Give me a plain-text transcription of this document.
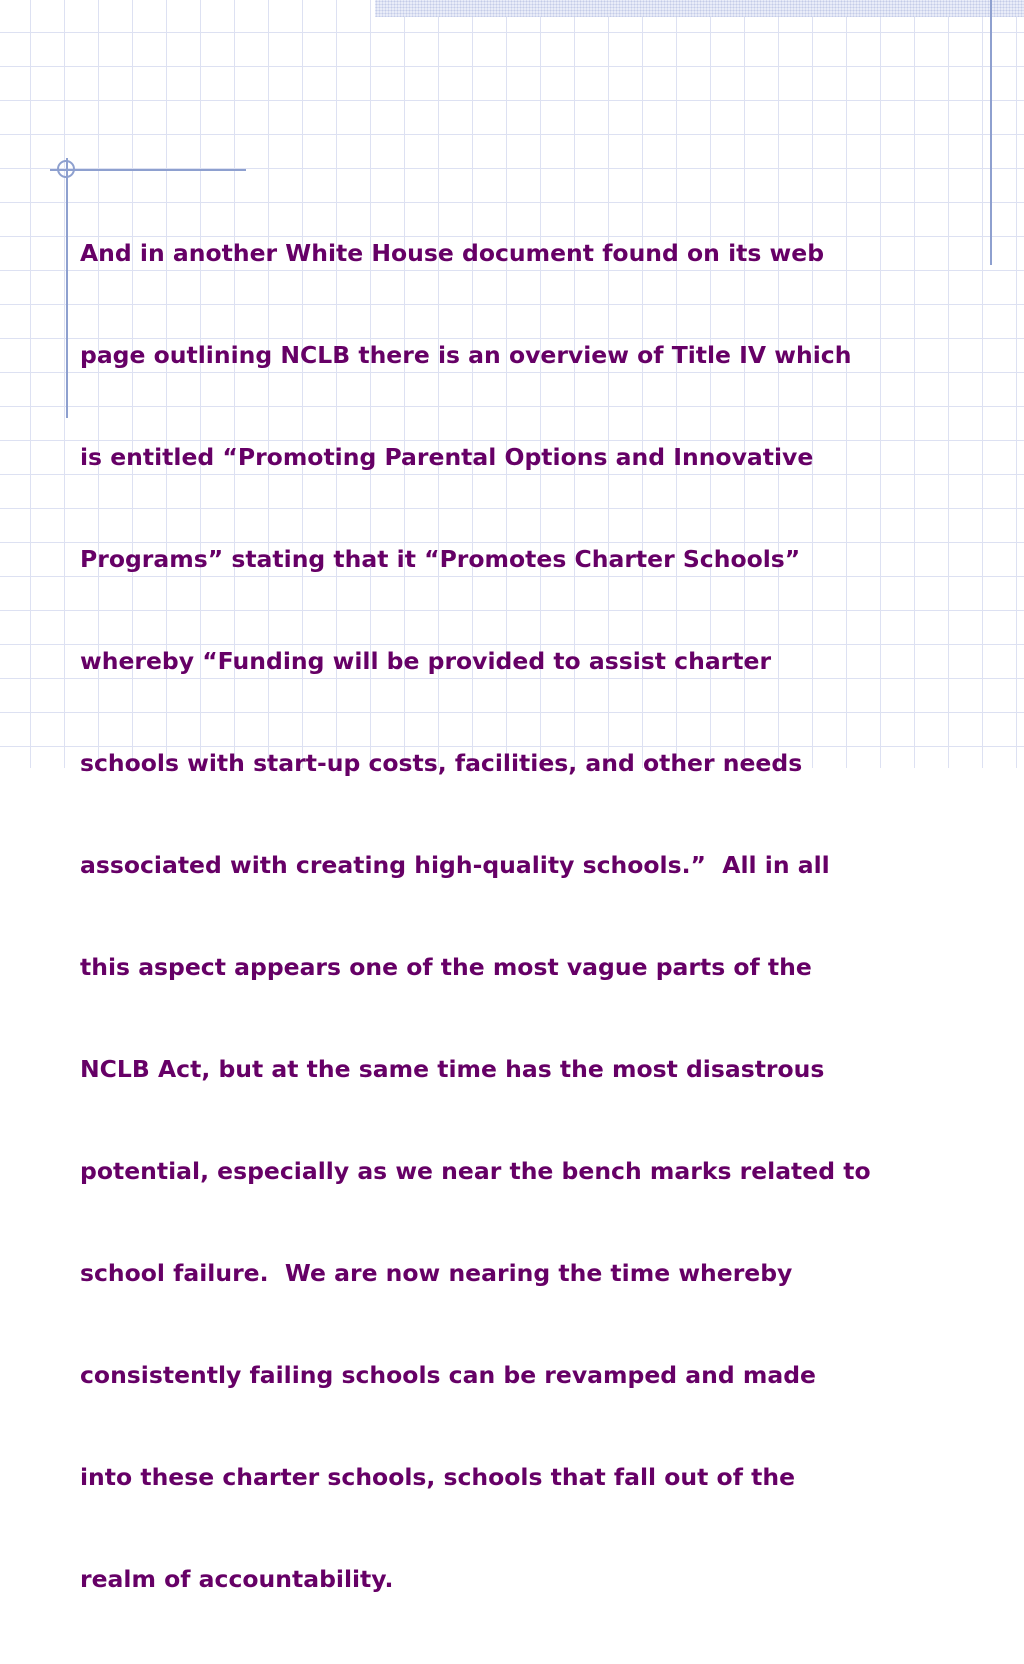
And in another White House document found on its web

page outlining NCLB there is an overview of Title IV which

is entitled “Promoting Parental Options and Innovative

Programs” stating that it “Promotes Charter Schools”

whereby “Funding will be provided to assist charter

schools with start-up costs, facilities, and other needs

associated with creating high-quality schools.”  All in all

this aspect appears one of the most vague parts of the

NCLB Act, but at the same time has the most disastrous

potential, especially as we near the bench marks related to

school failure.  We are now nearing the time whereby

consistently failing schools can be revamped and made

into these charter schools, schools that fall out of the

realm of accountability.
